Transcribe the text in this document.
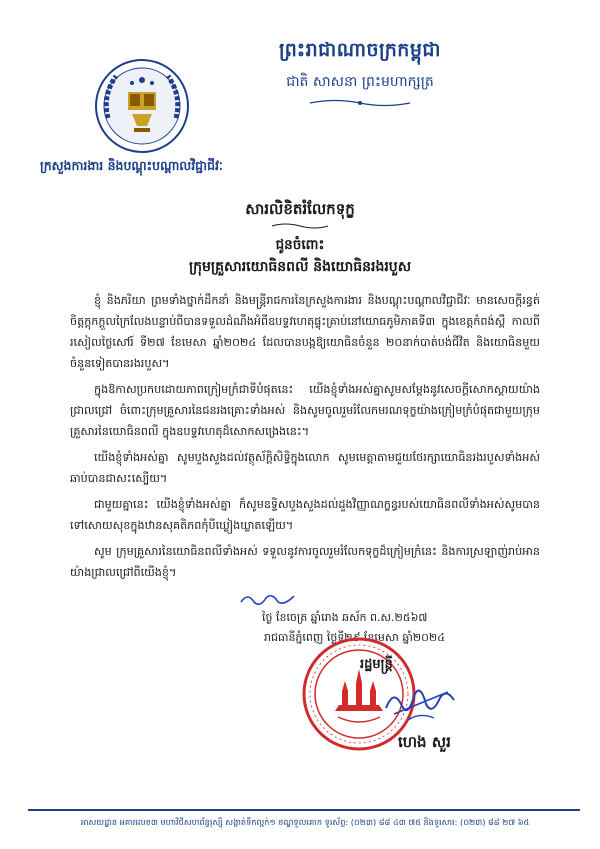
ព្រះរាជាណាចក្រកម្ពុជា
ជាតិ សាសនា ព្រះមហាក្សត្រ
ក្រសួងការងារ និងបណ្តុះបណ្តាលវិជ្ជាជីវៈ
សារលិខិតរំលែកទុក្ខ
ជូនចំពោះ
ក្រុមគ្រួសារយោធិនពលី និងយោធិនរងរបួស

ខ្ញុំ និងភរិយា ព្រមទាំងថ្នាក់ដឹកនាំ និងមន្ត្រីរាជការនៃក្រសួងការងារ និងបណ្តុះបណ្តាលវិជ្ជាជីវៈ មានសេចក្តីរន្ធត់ចិត្តក្តុកក្តួលក្រៃលែងបន្ទាប់ពីបានទទួលដំណឹងអំពីឧបទ្ទវហេតុផ្ទុះគ្រាប់នៅយោធភូមិភាគទី៣ ក្នុងខេត្តកំពង់ស្ពឺ កាលពីរសៀលថ្ងៃសៅរ៍ ទី២៧ ខែមេសា ឆ្នាំ២០២៤ ដែលបានបង្កឱ្យយោធិនចំនួន ២០នាក់បាត់បង់ជីវិត និងយោធិនមួយចំនួនទៀតបានរងរបួស។

ក្នុងឱកាសប្រកបដោយភាពក្រៀមក្រំជាទីបំផុតនេះ យើងខ្ញុំទាំងអស់គ្នាសូមសម្តែងនូវសេចក្តីសោកស្តាយយ៉ាងជ្រាលជ្រៅ ចំពោះក្រុមគ្រួសារនៃជនរងគ្រោះទាំងអស់ និងសូមចូលរួមរំលែកមរណទុក្ខយ៉ាងក្រៀមក្រំបំផុតជាមួយក្រុមគ្រួសារនៃយោធិនពលី ក្នុងឧបទ្ទវហេតុដ៏សោកសង្រេងនេះ។

យើងខ្ញុំទាំងអស់គ្នា សូមបួងសួងដល់វត្ថុស័ក្តិសិទ្ធិក្នុងលោក សូមមេត្តាតាមជួយថែរក្សាយោធិនរងរបួសទាំងអស់ឆាប់បានជាសះស្បើយ។

ជាមួយគ្នានេះ យើងខ្ញុំទាំងអស់គ្នា ក៏សូមឧទ្ទិសបួងសួងដល់ដួងវិញ្ញាណក្ខន្ធរបស់យោធិនពលីទាំងអស់សូមបានទៅសោយសុខក្នុងឋានសុគតិភពកុំបីឃ្លៀងឃ្លាតឡើយ។

សូម ក្រុមគ្រួសារនៃយោធិនពលីទាំងអស់ ទទួលនូវការចូលរួមរំលែកទុក្ខដ៏ក្រៀមក្រំនេះ និងការស្រឡាញ់រាប់អានយ៉ាងជ្រាលជ្រៅពីយើងខ្ញុំ។

ថ្ងៃ ខែចេត្រ ឆ្នាំរោង ឆស័ក ព.ស.២៥៦៧
រាជធានីភ្នំពេញ ថ្ងៃទី២៩ ខែមេសា ឆ្នាំ២០២៤
រដ្ឋមន្ត្រី
ហេង សួរ
អាសយដ្ឋាន អគារលេខ៣ មហាវិថីសហព័ន្ធរុស្ស៊ី សង្កាត់ទឹកល្អក់១ ខណ្ឌទួលគោក ទូរស័ព្ទ: (០២៣) ៨៨ ៤៣ ៧៥ និងទូរសារ: (០២៣) ៨៨ ២៧ ៦៥
